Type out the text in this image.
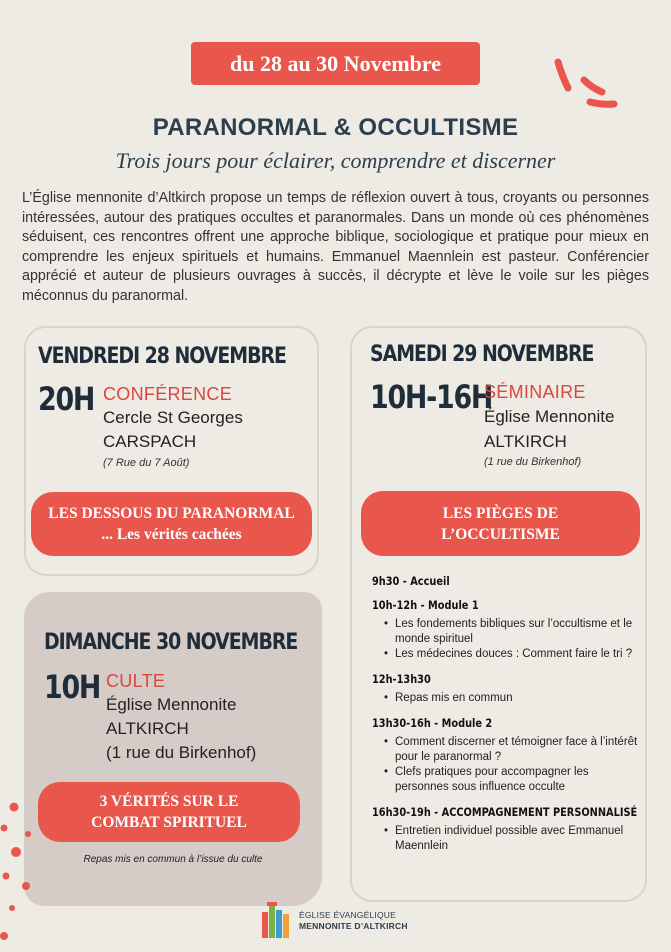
du 28 au 30 Novembre
PARANORMAL & OCCULTISME
Trois jours pour éclairer, comprendre et discerner

L’Église mennonite d’Altkirch propose un temps de réflexion ouvert à tous, croyants ou personnes intéressées, autour des pratiques occultes et paranormales. Dans un monde où ces phénomènes séduisent, ces rencontres offrent une approche biblique, sociologique et pratique pour mieux en comprendre les enjeux spirituels et humains. Emmanuel Maennlein est pasteur. Conférencier apprécié et auteur de plusieurs ouvrages à succès, il décrypte et lève le voile sur les pièges méconnus du paranormal.

VENDREDI 28 NOVEMBRE
20H CONFÉRENCE
Cercle St Georges
CARSPACH
(7 Rue du 7 Août)
LES DESSOUS DU PARANORMAL
... Les vérités cachées
SAMEDI 29 NOVEMBRE
10H-16H
SÉMINAIRE
Église Mennonite
ALTKIRCH
(1 rue du Birkenhof)
LES PIÈGES DE
L’OCCULTISME
9h30 - Accueil
10h-12h - Module 1
• Les fondements bibliques sur l’occultisme et le monde spirituel
• Les médecines douces : Comment faire le tri ?
12h-13h30
• Repas mis en commun
13h30-16h - Module 2
• Comment discerner et témoigner face à l’intérêt pour le paranormal ?
• Clefs pratiques pour accompagner les personnes sous influence occulte
16h30-19h - ACCOMPAGNEMENT PERSONNALISÉ
• Entretien individuel possible avec Emmanuel Maennlein
DIMANCHE 30 NOVEMBRE
10H CULTE
Église Mennonite
ALTKIRCH
(1 rue du Birkenhof)
3 VÉRITÉS SUR LE
COMBAT SPIRITUEL
Repas mis en commun à l’issue du culte
ÉGLISE ÉVANGÉLIQUE
MENNONITE D’ALTKIRCH
